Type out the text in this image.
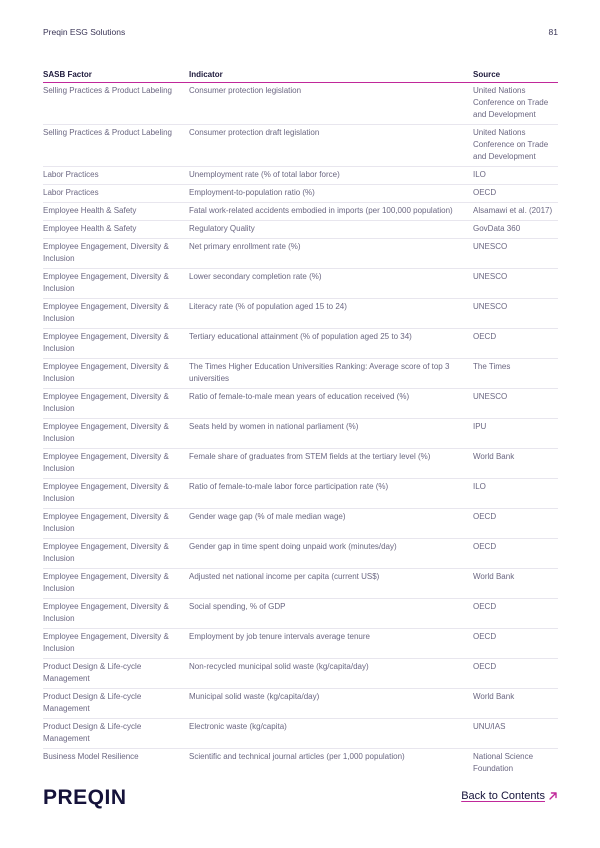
Preqin ESG Solutions	81
SASB Factor	Indicator	Source
Selling Practices & Product Labeling	Consumer protection legislation	United Nations Conference on Trade and Development
Selling Practices & Product Labeling	Consumer protection draft legislation	United Nations Conference on Trade and Development
Labor Practices	Unemployment rate (% of total labor force)	ILO
Labor Practices	Employment-to-population ratio (%)	OECD
Employee Health & Safety	Fatal work-related accidents embodied in imports (per 100,000 population)	Alsamawi et al. (2017)
Employee Health & Safety	Regulatory Quality	GovData 360
Employee Engagement, Diversity & Inclusion	Net primary enrollment rate (%)	UNESCO
Employee Engagement, Diversity & Inclusion	Lower secondary completion rate (%)	UNESCO
Employee Engagement, Diversity & Inclusion	Literacy rate (% of population aged 15 to 24)	UNESCO
Employee Engagement, Diversity & Inclusion	Tertiary educational attainment (% of population aged 25 to 34)	OECD
Employee Engagement, Diversity & Inclusion	The Times Higher Education Universities Ranking: Average score of top 3 universities	The Times
Employee Engagement, Diversity & Inclusion	Ratio of female-to-male mean years of education received (%)	UNESCO
Employee Engagement, Diversity & Inclusion	Seats held by women in national parliament (%)	IPU
Employee Engagement, Diversity & Inclusion	Female share of graduates from STEM fields at the tertiary level (%)	World Bank
Employee Engagement, Diversity & Inclusion	Ratio of female-to-male labor force participation rate (%)	ILO
Employee Engagement, Diversity & Inclusion	Gender wage gap (% of male median wage)	OECD
Employee Engagement, Diversity & Inclusion	Gender gap in time spent doing unpaid work (minutes/day)	OECD
Employee Engagement, Diversity & Inclusion	Adjusted net national income per capita (current US$)	World Bank
Employee Engagement, Diversity & Inclusion	Social spending, % of GDP	OECD
Employee Engagement, Diversity & Inclusion	Employment by job tenure intervals average tenure	OECD
Product Design & Life-cycle Management	Non-recycled municipal solid waste (kg/capita/day)	OECD
Product Design & Life-cycle Management	Municipal solid waste (kg/capita/day)	World Bank
Product Design & Life-cycle Management	Electronic waste (kg/capita)	UNU/IAS
Business Model Resilience	Scientific and technical journal articles (per 1,000 population)	National Science Foundation
PREQIN	Back to Contents
